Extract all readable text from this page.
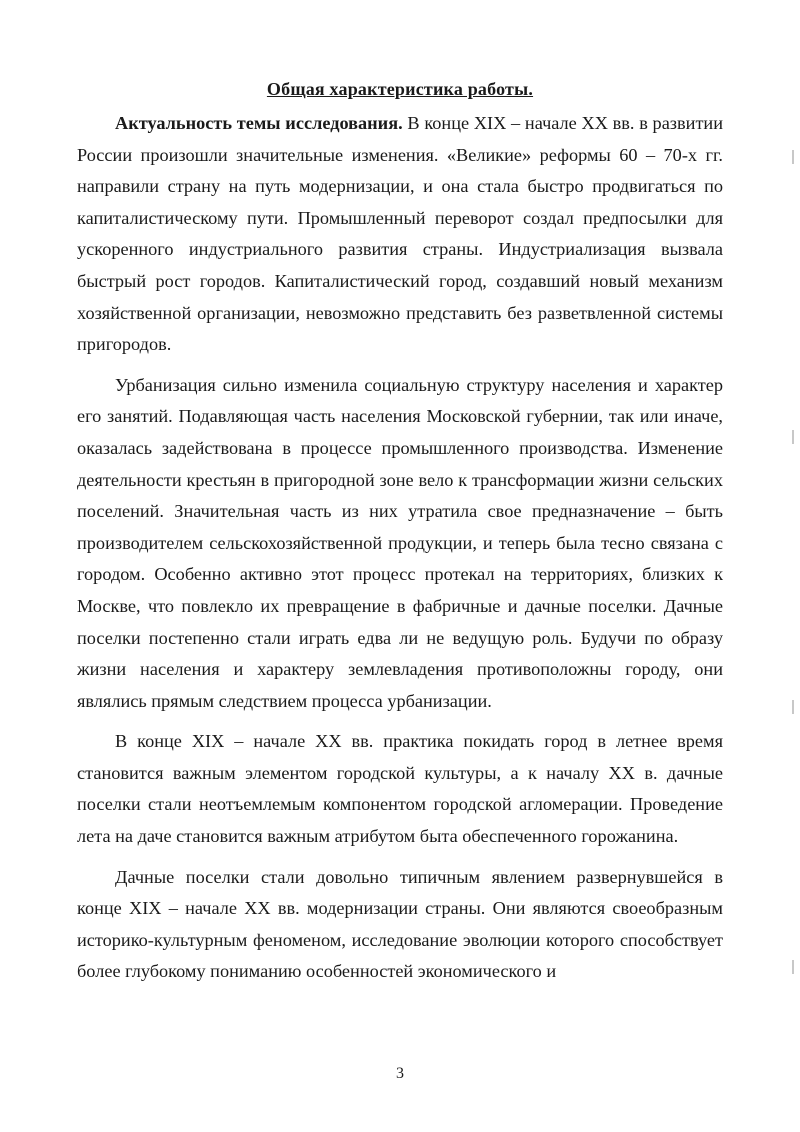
Общая характеристика работы.

Актуальность темы исследования. В конце XIX – начале XX вв. в развитии России произошли значительные изменения. «Великие» реформы 60 – 70-х гг. направили страну на путь модернизации, и она стала быстро продвигаться по капиталистическому пути. Промышленный переворот создал предпосылки для ускоренного индустриального развития страны. Индустриализация вызвала быстрый рост городов. Капиталистический город, создавший новый механизм хозяйственной организации, невозможно представить без разветвленной системы пригородов.

Урбанизация сильно изменила социальную структуру населения и характер его занятий. Подавляющая часть населения Московской губернии, так или иначе, оказалась задействована в процессе промышленного производства. Изменение деятельности крестьян в пригородной зоне вело к трансформации жизни сельских поселений. Значительная часть из них утратила свое предназначение – быть производителем сельскохозяйственной продукции, и теперь была тесно связана с городом. Особенно активно этот процесс протекал на территориях, близких к Москве, что повлекло их превращение в фабричные и дачные поселки. Дачные поселки постепенно стали играть едва ли не ведущую роль. Будучи по образу жизни населения и характеру землевладения противоположны городу, они являлись прямым следствием процесса урбанизации.

В конце XIX – начале XX вв. практика покидать город в летнее время становится важным элементом городской культуры, а к началу XX в. дачные поселки стали неотъемлемым компонентом городской агломерации. Проведение лета на даче становится важным атрибутом быта обеспеченного горожанина.

Дачные поселки стали довольно типичным явлением развернувшейся в конце XIX – начале XX вв. модернизации страны. Они являются своеобразным историко-культурным феноменом, исследование эволюции которого способствует более глубокому пониманию особенностей экономического и

3
